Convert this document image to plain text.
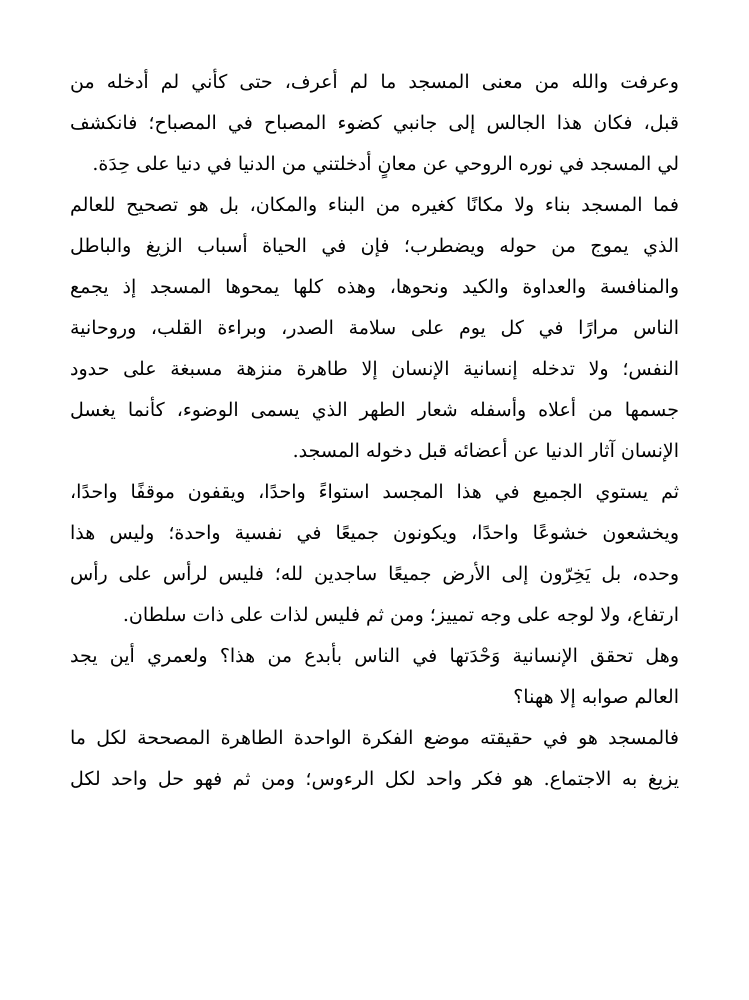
وعرفت والله من معنى المسجد ما لم أعرف، حتى كأني لم أدخله من
قبل، فكان هذا الجالس إلى جانبي كضوء المصباح في المصباح؛ فانكشف
لي المسجد في نوره الروحي عن معانٍ أدخلتني من الدنيا في دنيا على حِدَة.
فما المسجد بناء ولا مكانًا كغيره من البناء والمكان، بل هو تصحيح للعالم
الذي يموج من حوله ويضطرب؛ فإن في الحياة أسباب الزيغ والباطل
والمنافسة والعداوة والكيد ونحوها، وهذه كلها يمحوها المسجد إذ يجمع
الناس مرارًا في كل يوم على سلامة الصدر، وبراءة القلب، وروحانية
النفس؛ ولا تدخله إنسانية الإنسان إلا طاهرة منزهة مسبغة على حدود
جسمها من أعلاه وأسفله شعار الطهر الذي يسمى الوضوء، كأنما يغسل
الإنسان آثار الدنيا عن أعضائه قبل دخوله المسجد.
ثم يستوي الجميع في هذا المجسد استواءً واحدًا، ويقفون موقفًا واحدًا،
ويخشعون خشوعًا واحدًا، ويكونون جميعًا في نفسية واحدة؛ وليس هذا
وحده، بل يَخِرّون إلى الأرض جميعًا ساجدين لله؛ فليس لرأس على رأس
ارتفاع، ولا لوجه على وجه تمييز؛ ومن ثم فليس لذات على ذات سلطان.
وهل تحقق الإنسانية وَحْدَتها في الناس بأبدع من هذا؟ ولعمري أين يجد
العالم صوابه إلا ههنا؟
فالمسجد هو في حقيقته موضع الفكرة الواحدة الطاهرة المصححة لكل ما
يزيغ به الاجتماع. هو فكر واحد لكل الرءوس؛ ومن ثم فهو حل واحد لكل
